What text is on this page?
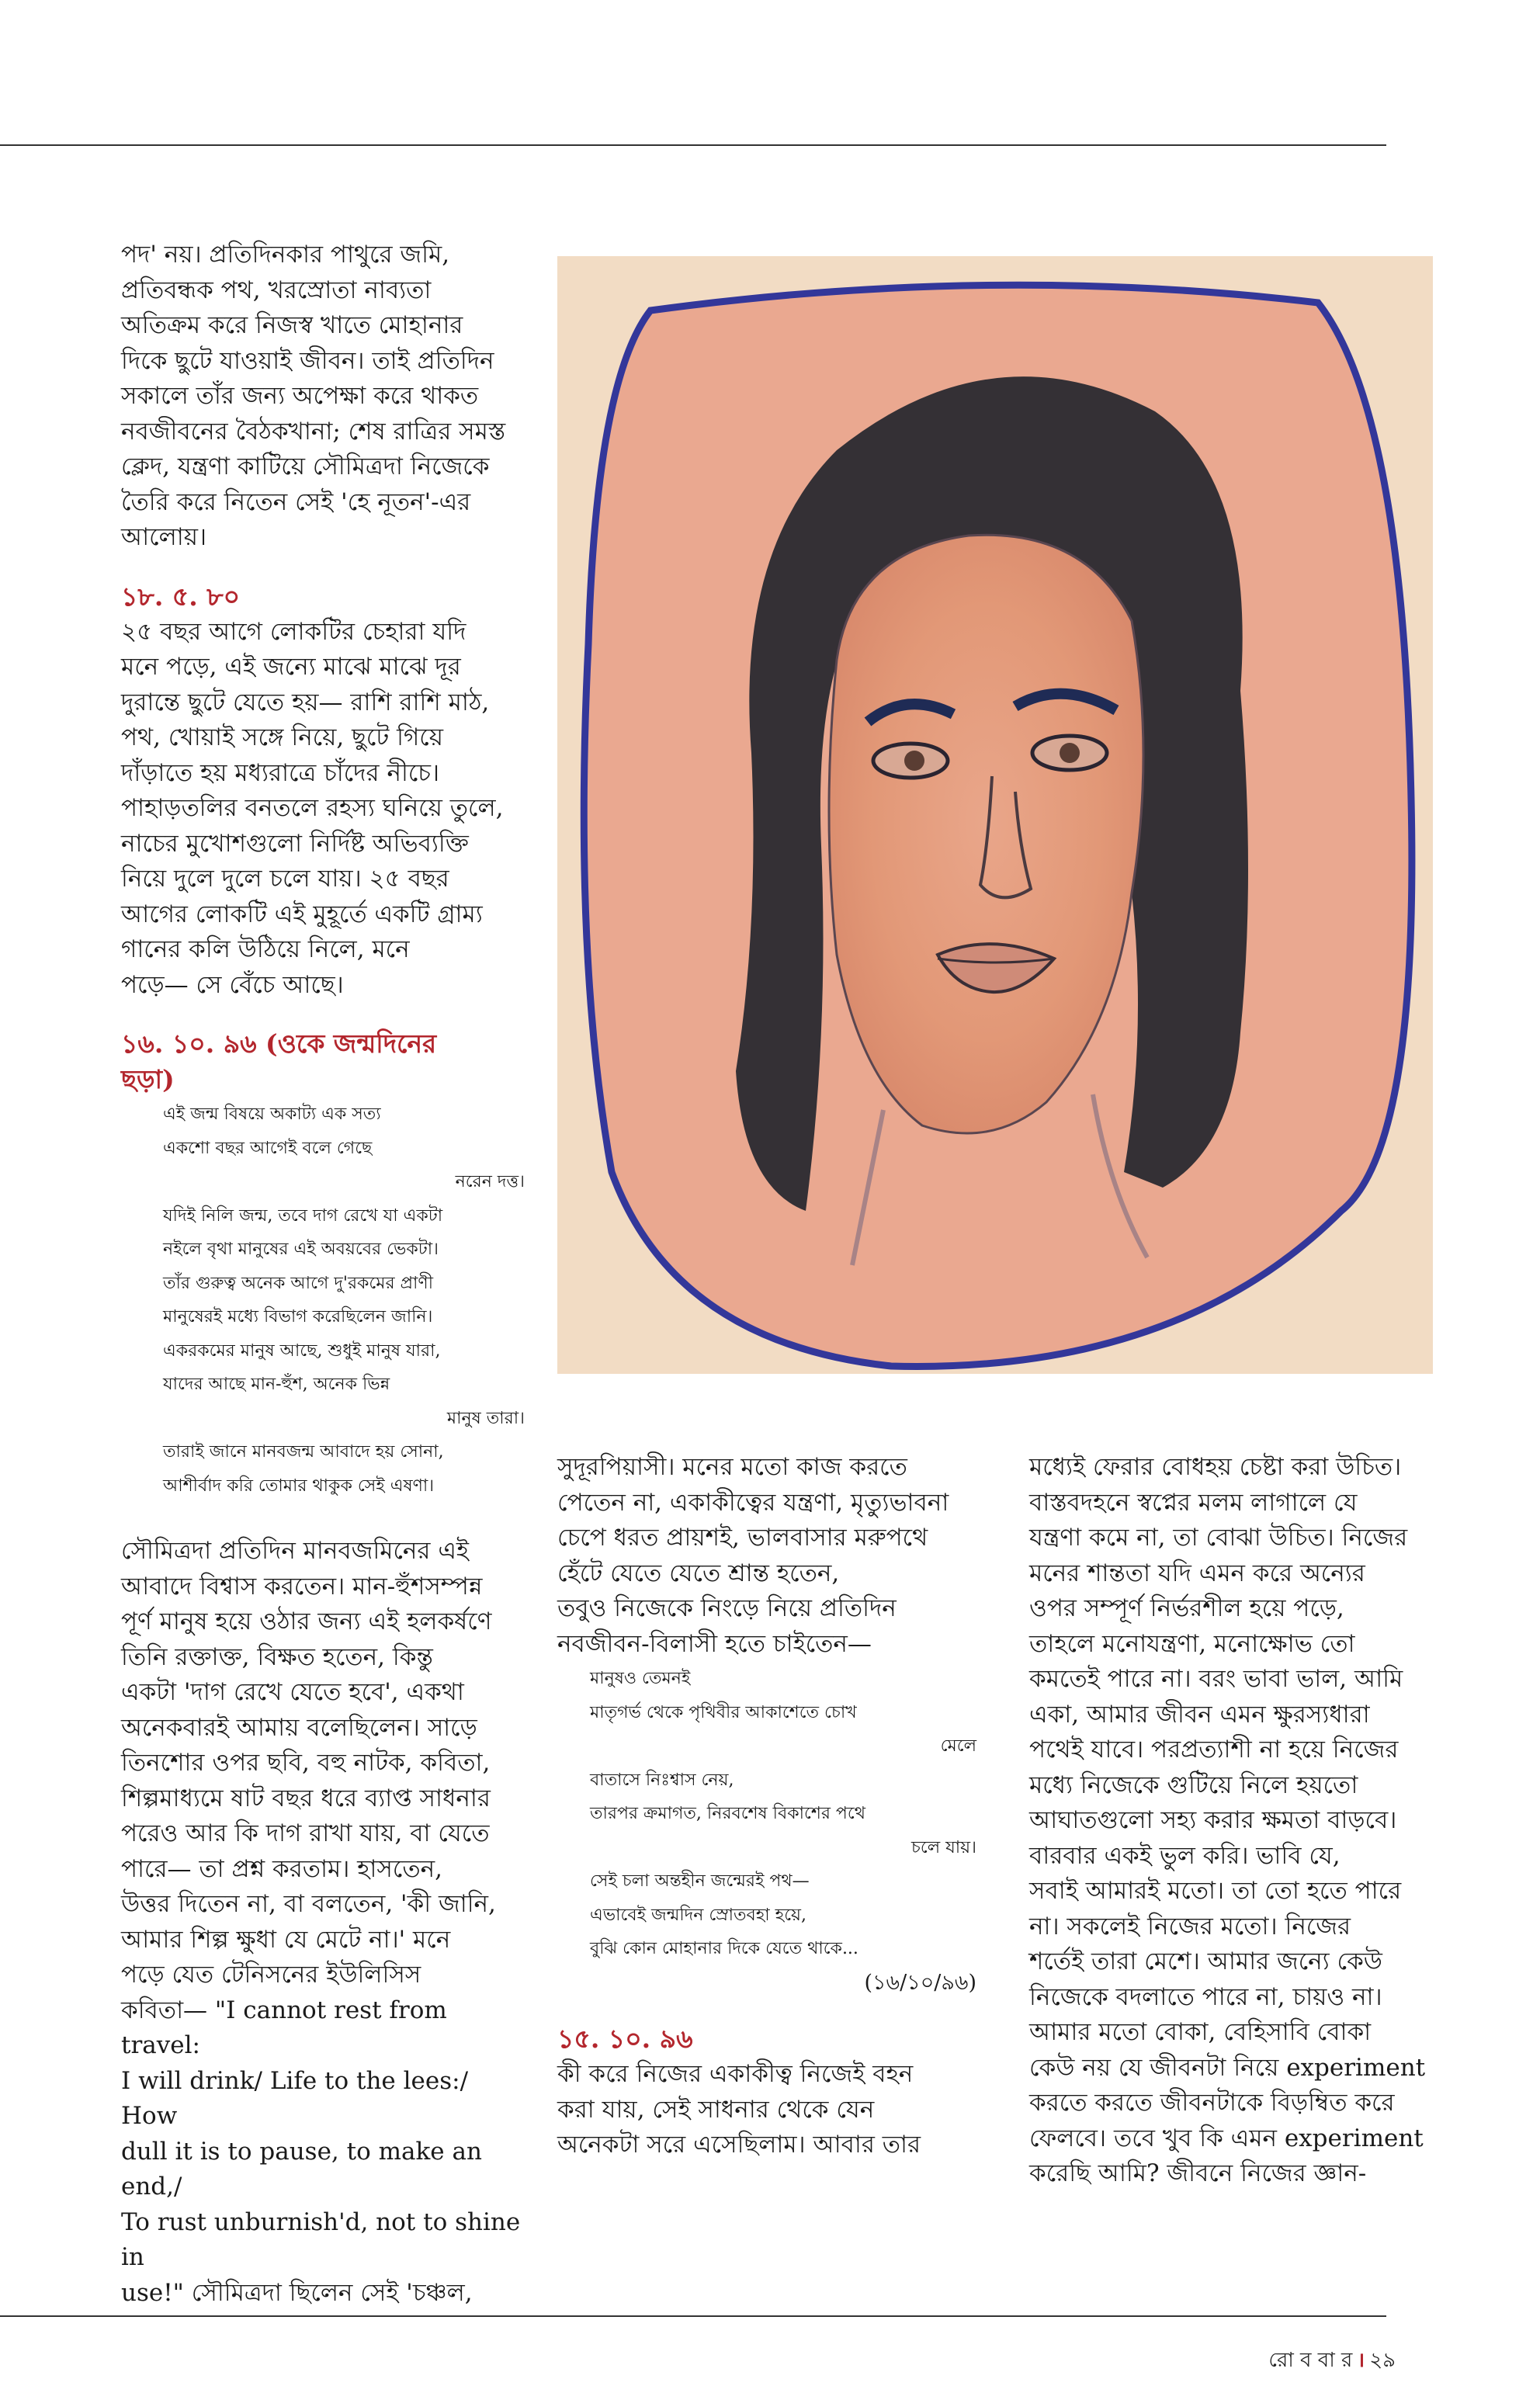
পদ' নয়। প্রতিদিনকার পাথুরে জমি,
প্রতিবন্ধক পথ, খরস্রোতা নাব্যতা
অতিক্রম করে নিজস্ব খাতে মোহানার
দিকে ছুটে যাওয়াই জীবন। তাই প্রতিদিন
সকালে তাঁর জন্য অপেক্ষা করে থাকত
নবজীবনের বৈঠকখানা; শেষ রাত্রির সমস্ত
ক্লেদ, যন্ত্রণা কাটিয়ে সৌমিত্রদা নিজেকে
তৈরি করে নিতেন সেই 'হে নূতন'-এর
আলোয়।

১৮. ৫. ৮০

২৫ বছর আগে লোকটির চেহারা যদি
মনে পড়ে, এই জন্যে মাঝে মাঝে দূর
দুরান্তে ছুটে যেতে হয়— রাশি রাশি মাঠ,
পথ, খোয়াই সঙ্গে নিয়ে, ছুটে গিয়ে
দাঁড়াতে হয় মধ্যরাত্রে চাঁদের নীচে।
পাহাড়তলির বনতলে রহস্য ঘনিয়ে তুলে,
নাচের মুখোশগুলো নির্দিষ্ট অভিব্যক্তি
নিয়ে দুলে দুলে চলে যায়। ২৫ বছর
আগের লোকটি এই মুহূর্তে একটি গ্রাম্য
গানের কলি উঠিয়ে নিলে, মনে
পড়ে— সে বেঁচে আছে।

১৬. ১০. ৯৬ (ওকে জন্মদিনের
ছড়া)

এই জন্ম বিষয়ে অকাট্য এক সত্য
একশো বছর আগেই বলে গেছে
নরেন দত্ত।
যদিই নিলি জন্ম, তবে দাগ রেখে যা একটা
নইলে বৃথা মানুষের এই অবয়বের ভেকটা।
তাঁর গুরুত্ব অনেক আগে দু'রকমের প্রাণী
মানুষেরই মধ্যে বিভাগ করেছিলেন জানি।
একরকমের মানুষ আছে, শুধুই মানুষ যারা,
যাদের আছে মান-হুঁশ, অনেক ভিন্ন
মানুষ তারা।
তারাই জানে মানবজন্ম আবাদে হয় সোনা,
আশীর্বাদ করি তোমার থাকুক সেই এষণা।

সৌমিত্রদা প্রতিদিন মানবজমিনের এই
আবাদে বিশ্বাস করতেন। মান-হুঁশসম্পন্ন
পূর্ণ মানুষ হয়ে ওঠার জন্য এই হলকর্ষণে
তিনি রক্তাক্ত, বিক্ষত হতেন, কিন্তু
একটা 'দাগ রেখে যেতে হবে', একথা
অনেকবারই আমায় বলেছিলেন। সাড়ে
তিনশোর ওপর ছবি, বহু নাটক, কবিতা,
শিল্পমাধ্যমে ষাট বছর ধরে ব্যাপ্ত সাধনার
পরেও আর কি দাগ রাখা যায়, বা যেতে
পারে— তা প্রশ্ন করতাম। হাসতেন,
উত্তর দিতেন না, বা বলতেন, 'কী জানি,
আমার শিল্প ক্ষুধা যে মেটে না।' মনে
পড়ে যেত টেনিসনের ইউলিসিস
কবিতা— "I cannot rest from travel:
I will drink/ Life to the lees:/ How
dull it is to pause, to make an end,/
To rust unburnish'd, not to shine in
use!" সৌমিত্রদা ছিলেন সেই 'চঞ্চল,

সুদূরপিয়াসী। মনের মতো কাজ করতে
পেতেন না, একাকীত্বের যন্ত্রণা, মৃত্যুভাবনা
চেপে ধরত প্রায়শই, ভালবাসার মরুপথে
হেঁটে যেতে যেতে শ্রান্ত হতেন,
তবুও নিজেকে নিংড়ে নিয়ে প্রতিদিন
নবজীবন-বিলাসী হতে চাইতেন—

মানুষও তেমনই
মাতৃগর্ভ থেকে পৃথিবীর আকাশেতে চোখ
মেলে
বাতাসে নিঃশ্বাস নেয়,
তারপর ক্রমাগত, নিরবশেষ বিকাশের পথে
চলে যায়।
সেই চলা অন্তহীন জন্মেরই পথ—
এভাবেই জন্মদিন স্রোতবহা হয়ে,
বুঝি কোন মোহানার দিকে যেতে থাকে...
(১৬/১০/৯৬)

১৫. ১০. ৯৬

কী করে নিজের একাকীত্ব নিজেই বহন
করা যায়, সেই সাধনার থেকে যেন
অনেকটা সরে এসেছিলাম। আবার তার

মধ্যেই ফেরার বোধহয় চেষ্টা করা উচিত।
বাস্তবদহনে স্বপ্নের মলম লাগালে যে
যন্ত্রণা কমে না, তা বোঝা উচিত। নিজের
মনের শান্ততা যদি এমন করে অন্যের
ওপর সম্পূর্ণ নির্ভরশীল হয়ে পড়ে,
তাহলে মনোযন্ত্রণা, মনোক্ষোভ তো
কমতেই পারে না। বরং ভাবা ভাল, আমি
একা, আমার জীবন এমন ক্ষুরস্যধারা
পথেই যাবে। পরপ্রত্যাশী না হয়ে নিজের
মধ্যে নিজেকে গুটিয়ে নিলে হয়তো
আঘাতগুলো সহ্য করার ক্ষমতা বাড়বে।

বারবার একই ভুল করি। ভাবি যে,
সবাই আমারই মতো। তা তো হতে পারে
না। সকলেই নিজের মতো। নিজের
শর্তেই তারা মেশে। আমার জন্যে কেউ
নিজেকে বদলাতে পারে না, চায়ও না।
আমার মতো বোকা, বেহিসাবি বোকা
কেউ নয় যে জীবনটা নিয়ে experiment
করতে করতে জীবনটাকে বিড়ম্বিত করে
ফেলবে। তবে খুব কি এমন experiment
করেছি আমি? জীবনে নিজের জ্ঞান-

রো ব বা র । ২৯
